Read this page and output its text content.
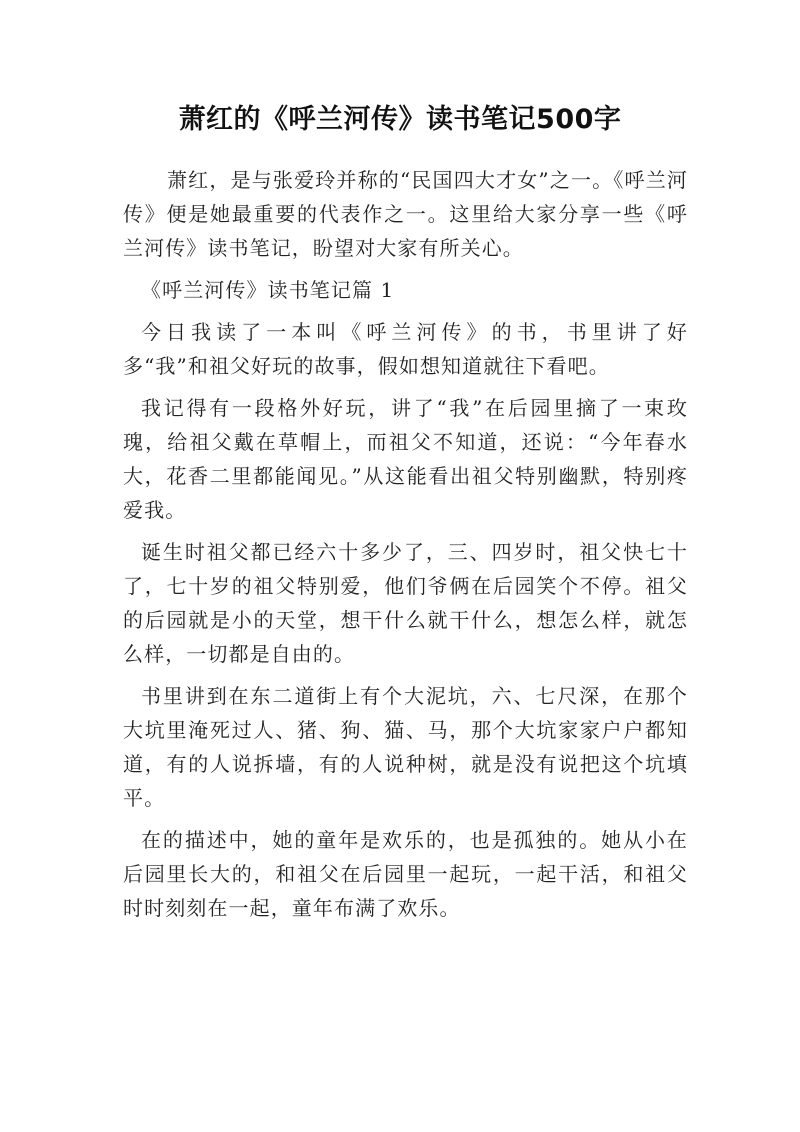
萧红的《呼兰河传》读书笔记500字

萧红，是与张爱玲并称的“民国四大才女”之一。《呼兰河传》便是她最重要的代表作之一。这里给大家分享一些《呼兰河传》读书笔记，盼望对大家有所关心。

《呼兰河传》读书笔记篇 1

今日我读了一本叫《呼兰河传》的书，书里讲了好多“我”和祖父好玩的故事，假如想知道就往下看吧。

我记得有一段格外好玩，讲了“我”在后园里摘了一束玫瑰，给祖父戴在草帽上，而祖父不知道，还说：“今年春水大，花香二里都能闻见。”从这能看出祖父特别幽默，特别疼爱我。

诞生时祖父都已经六十多少了，三、四岁时，祖父快七十了，七十岁的祖父特别爱，他们爷俩在后园笑个不停。祖父的后园就是小的天堂，想干什么就干什么，想怎么样，就怎么样，一切都是自由的。

书里讲到在东二道街上有个大泥坑，六、七尺深，在那个大坑里淹死过人、猪、狗、猫、马，那个大坑家家户户都知道，有的人说拆墙，有的人说种树，就是没有说把这个坑填平。

在的描述中，她的童年是欢乐的，也是孤独的。她从小在后园里长大的，和祖父在后园里一起玩，一起干活，和祖父时时刻刻在一起，童年布满了欢乐。
